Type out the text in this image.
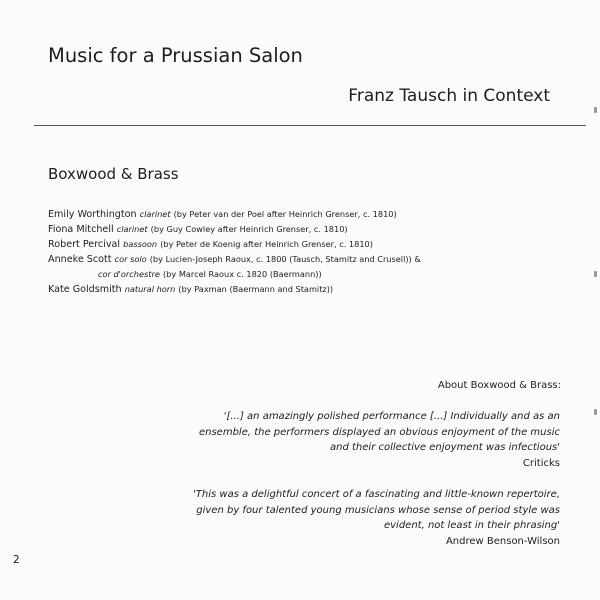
Music for a Prussian Salon
Franz Tausch in Context
Boxwood & Brass
Emily Worthington clarinet (by Peter van der Poel after Heinrich Grenser, c. 1810)
Fiona Mitchell clarinet (by Guy Cowley after Heinrich Grenser, c. 1810)
Robert Percival bassoon (by Peter de Koenig after Heinrich Grenser, c. 1810)
Anneke Scott cor solo (by Lucien-Joseph Raoux, c. 1800 (Tausch, Stamitz and Crusell)) &
cor d'orchestre (by Marcel Raoux c. 1820 (Baermann))
Kate Goldsmith natural horn (by Paxman (Baermann and Stamitz))
About Boxwood & Brass:
'[...] an amazingly polished performance [...] Individually and as an ensemble, the performers displayed an obvious enjoyment of the music and their collective enjoyment was infectious'
Criticks
'This was a delightful concert of a fascinating and little-known repertoire, given by four talented young musicians whose sense of period style was evident, not least in their phrasing'
Andrew Benson-Wilson
2
